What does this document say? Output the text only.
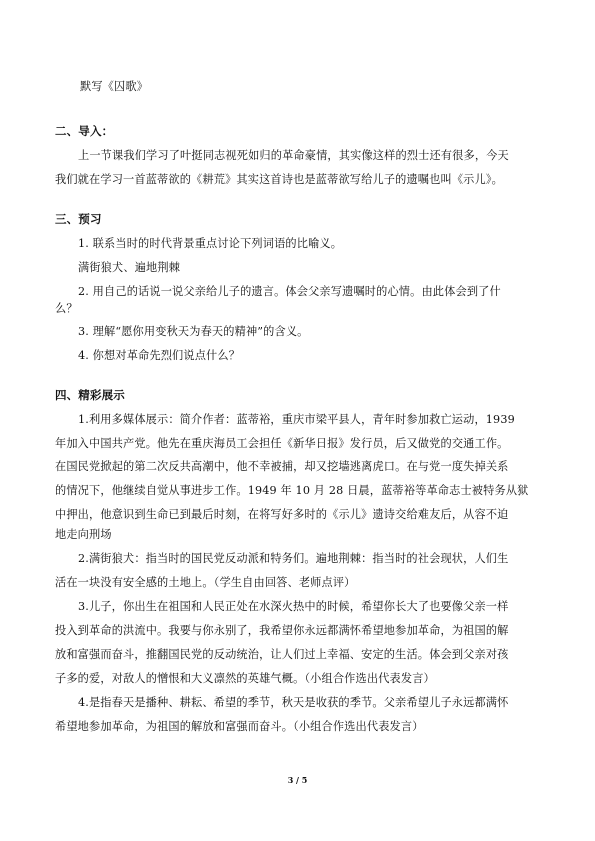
默写《囚歌》
二、导入：
上一节课我们学习了叶挺同志视死如归的革命豪情，其实像这样的烈士还有很多，今天
我们就在学习一首蓝蒂欲的《耕荒》其实这首诗也是蓝蒂欲写给儿子的遗嘱也叫《示儿》。
三、预习
1. 联系当时的时代背景重点讨论下列词语的比喻义。
满街狼犬、遍地荆棘
2. 用自己的话说一说父亲给儿子的遗言。体会父亲写遗嘱时的心情。由此体会到了什
么？
3. 理解“愿你用变秋天为春天的精神”的含义。
4. 你想对革命先烈们说点什么？
四、精彩展示
1.利用多媒体展示：简介作者：蓝蒂裕，重庆市梁平县人，青年时参加救亡运动，1939
年加入中国共产党。他先在重庆海员工会担任《新华日报》发行员，后又做党的交通工作。
在国民党掀起的第二次反共高潮中，他不幸被捕，却又挖墙逃离虎口。在与党一度失掉关系
的情况下，他继续自觉从事进步工作。1949 年 10 月 28 日晨，蓝蒂裕等革命志士被特务从狱
中押出，他意识到生命已到最后时刻，在将写好多时的《示儿》遗诗交给难友后，从容不迫
地走向刑场
2.满街狼犬：指当时的国民党反动派和特务们。遍地荆棘：指当时的社会现状，人们生
活在一块没有安全感的土地上。（学生自由回答、老师点评）
3.儿子，你出生在祖国和人民正处在水深火热中的时候，希望你长大了也要像父亲一样
投入到革命的洪流中。我要与你永别了，我希望你永远都满怀希望地参加革命，为祖国的解
放和富强而奋斗，推翻国民党的反动统治，让人们过上幸福、安定的生活。体会到父亲对孩
子多的爱，对敌人的憎恨和大义凛然的英雄气概。（小组合作选出代表发言）
4.是指春天是播种、耕耘、希望的季节，秋天是收获的季节。父亲希望儿子永远都满怀
希望地参加革命，为祖国的解放和富强而奋斗。（小组合作选出代表发言）
3 / 5
